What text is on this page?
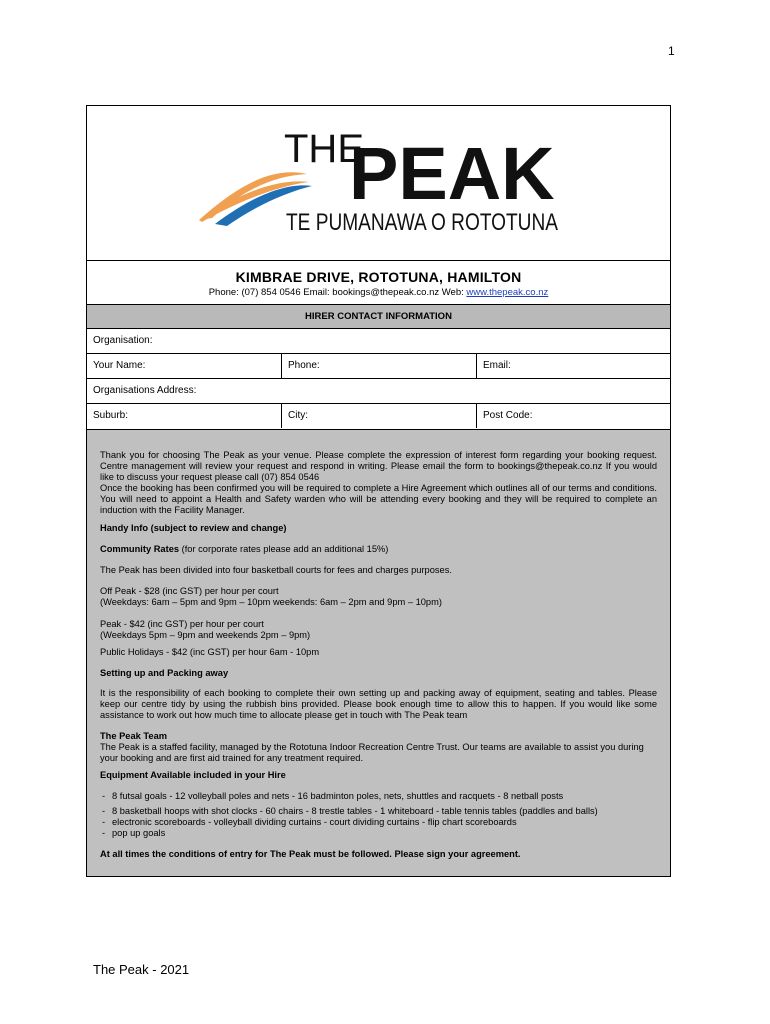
1
THE
PEAK
TE PUMANAWA O ROTOTUNA
KIMBRAE DRIVE, ROTOTUNA, HAMILTON
Phone: (07) 854 0546 Email: bookings@thepeak.co.nz Web: www.thepeak.co.nz
HIRER CONTACT INFORMATION
Organisation:
Your Name:	Phone:	Email:
Organisations Address:
Suburb:	City:	Post Code:

Thank you for choosing The Peak as your venue. Please complete the expression of interest form regarding your booking request. Centre management will review your request and respond in writing. Please email the form to bookings@thepeak.co.nz If you would like to discuss your request please call (07) 854 0546

Once the booking has been confirmed you will be required to complete a Hire Agreement which outlines all of our terms and conditions. You will need to appoint a Health and Safety warden who will be attending every booking and they will be required to complete an induction with the Facility Manager.

Handy Info (subject to review and change)

Community Rates (for corporate rates please add an additional 15%)

The Peak has been divided into four basketball courts for fees and charges purposes.

Off Peak - $28 (inc GST) per hour per court

(Weekdays: 6am – 5pm and 9pm – 10pm weekends: 6am – 2pm and 9pm – 10pm)

Peak - $42 (inc GST) per hour per court

(Weekdays 5pm – 9pm and weekends 2pm – 9pm)

Public Holidays - $42 (inc GST) per hour 6am - 10pm

Setting up and Packing away

It is the responsibility of each booking to complete their own setting up and packing away of equipment, seating and tables. Please keep our centre tidy by using the rubbish bins provided. Please book enough time to allow this to happen. If you would like some assistance to work out how much time to allocate please get in touch with The Peak team

The Peak Team

The Peak is a staffed facility, managed by the Rototuna Indoor Recreation Centre Trust. Our teams are available to assist you during your booking and are first aid trained for any treatment required.

Equipment Available included in your Hire

- 8 futsal goals - 12 volleyball poles and nets - 16 badminton poles, nets, shuttles and racquets - 8 netball posts
- 8 basketball hoops with shot clocks - 60 chairs - 8 trestle tables - 1 whiteboard - table tennis tables (paddles and balls)
- electronic scoreboards - volleyball dividing curtains - court dividing curtains - flip chart scoreboards
- pop up goals

At all times the conditions of entry for The Peak must be followed. Please sign your agreement.

The Peak - 2021
